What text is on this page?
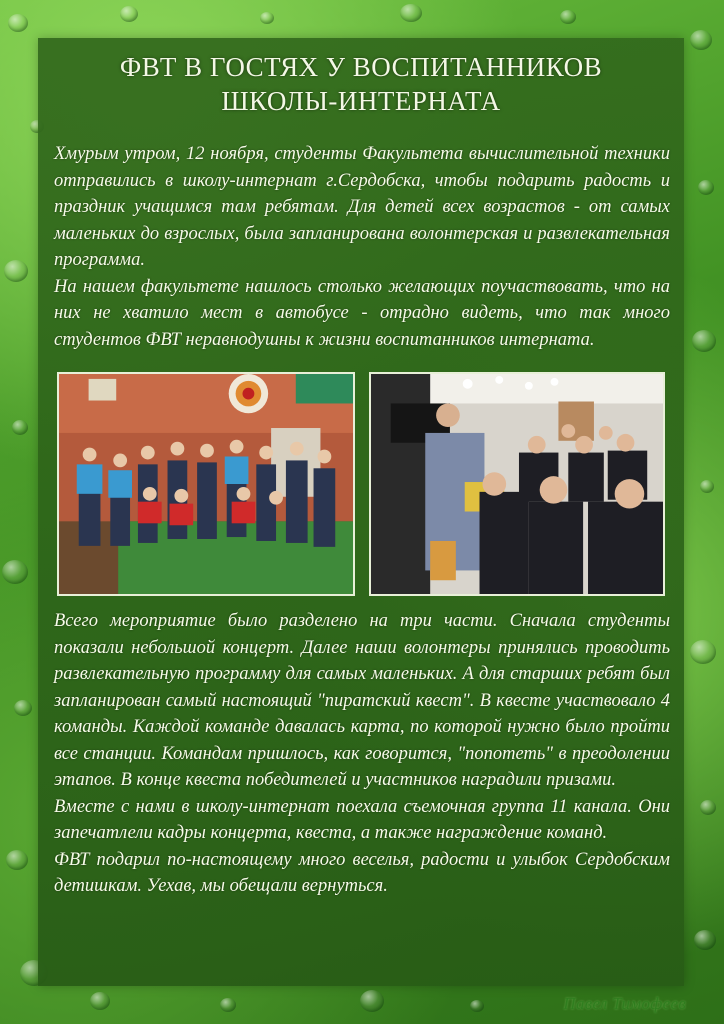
ФВТ В ГОСТЯХ У ВОСПИТАННИКОВ
ШКОЛЫ-ИНТЕРНАТА

Хмурым утром, 12 ноября, студенты Факультета вычислительной техники отправились в школу-интернат г.Сердобска, чтобы подарить радость и праздник учащимся там ребятам. Для детей всех возрастов - от самых маленьких до взрослых, была запланирована волонтерская и развлекательная программа.

На нашем факультете нашлось столько желающих поучаствовать, что на них не хватило мест в автобусе - отрадно видеть, что так много студентов ФВТ неравнодушны к жизни воспитанников интерната.

Всего мероприятие было разделено на три части. Сначала студенты показали небольшой концерт. Далее наши волонтеры принялись проводить развлекательную программу для самых маленьких. А для старших ребят был запланирован самый настоящий "пиратский квест". В квесте участвовало 4 команды. Каждой команде давалась карта, по которой нужно было пройти все станции. Командам пришлось, как говорится, "попотеть" в преодолении этапов. В конце квеста победителей и участников наградили призами.

Вместе с нами в школу-интернат поехала съемочная группа 11 канала. Они запечатлели кадры концерта, квеста, а также награждение команд.

ФВТ подарил по-настоящему много веселья, радости и улыбок Сердобским детишкам. Уехав, мы обещали вернуться.

Павел Тимофеев
